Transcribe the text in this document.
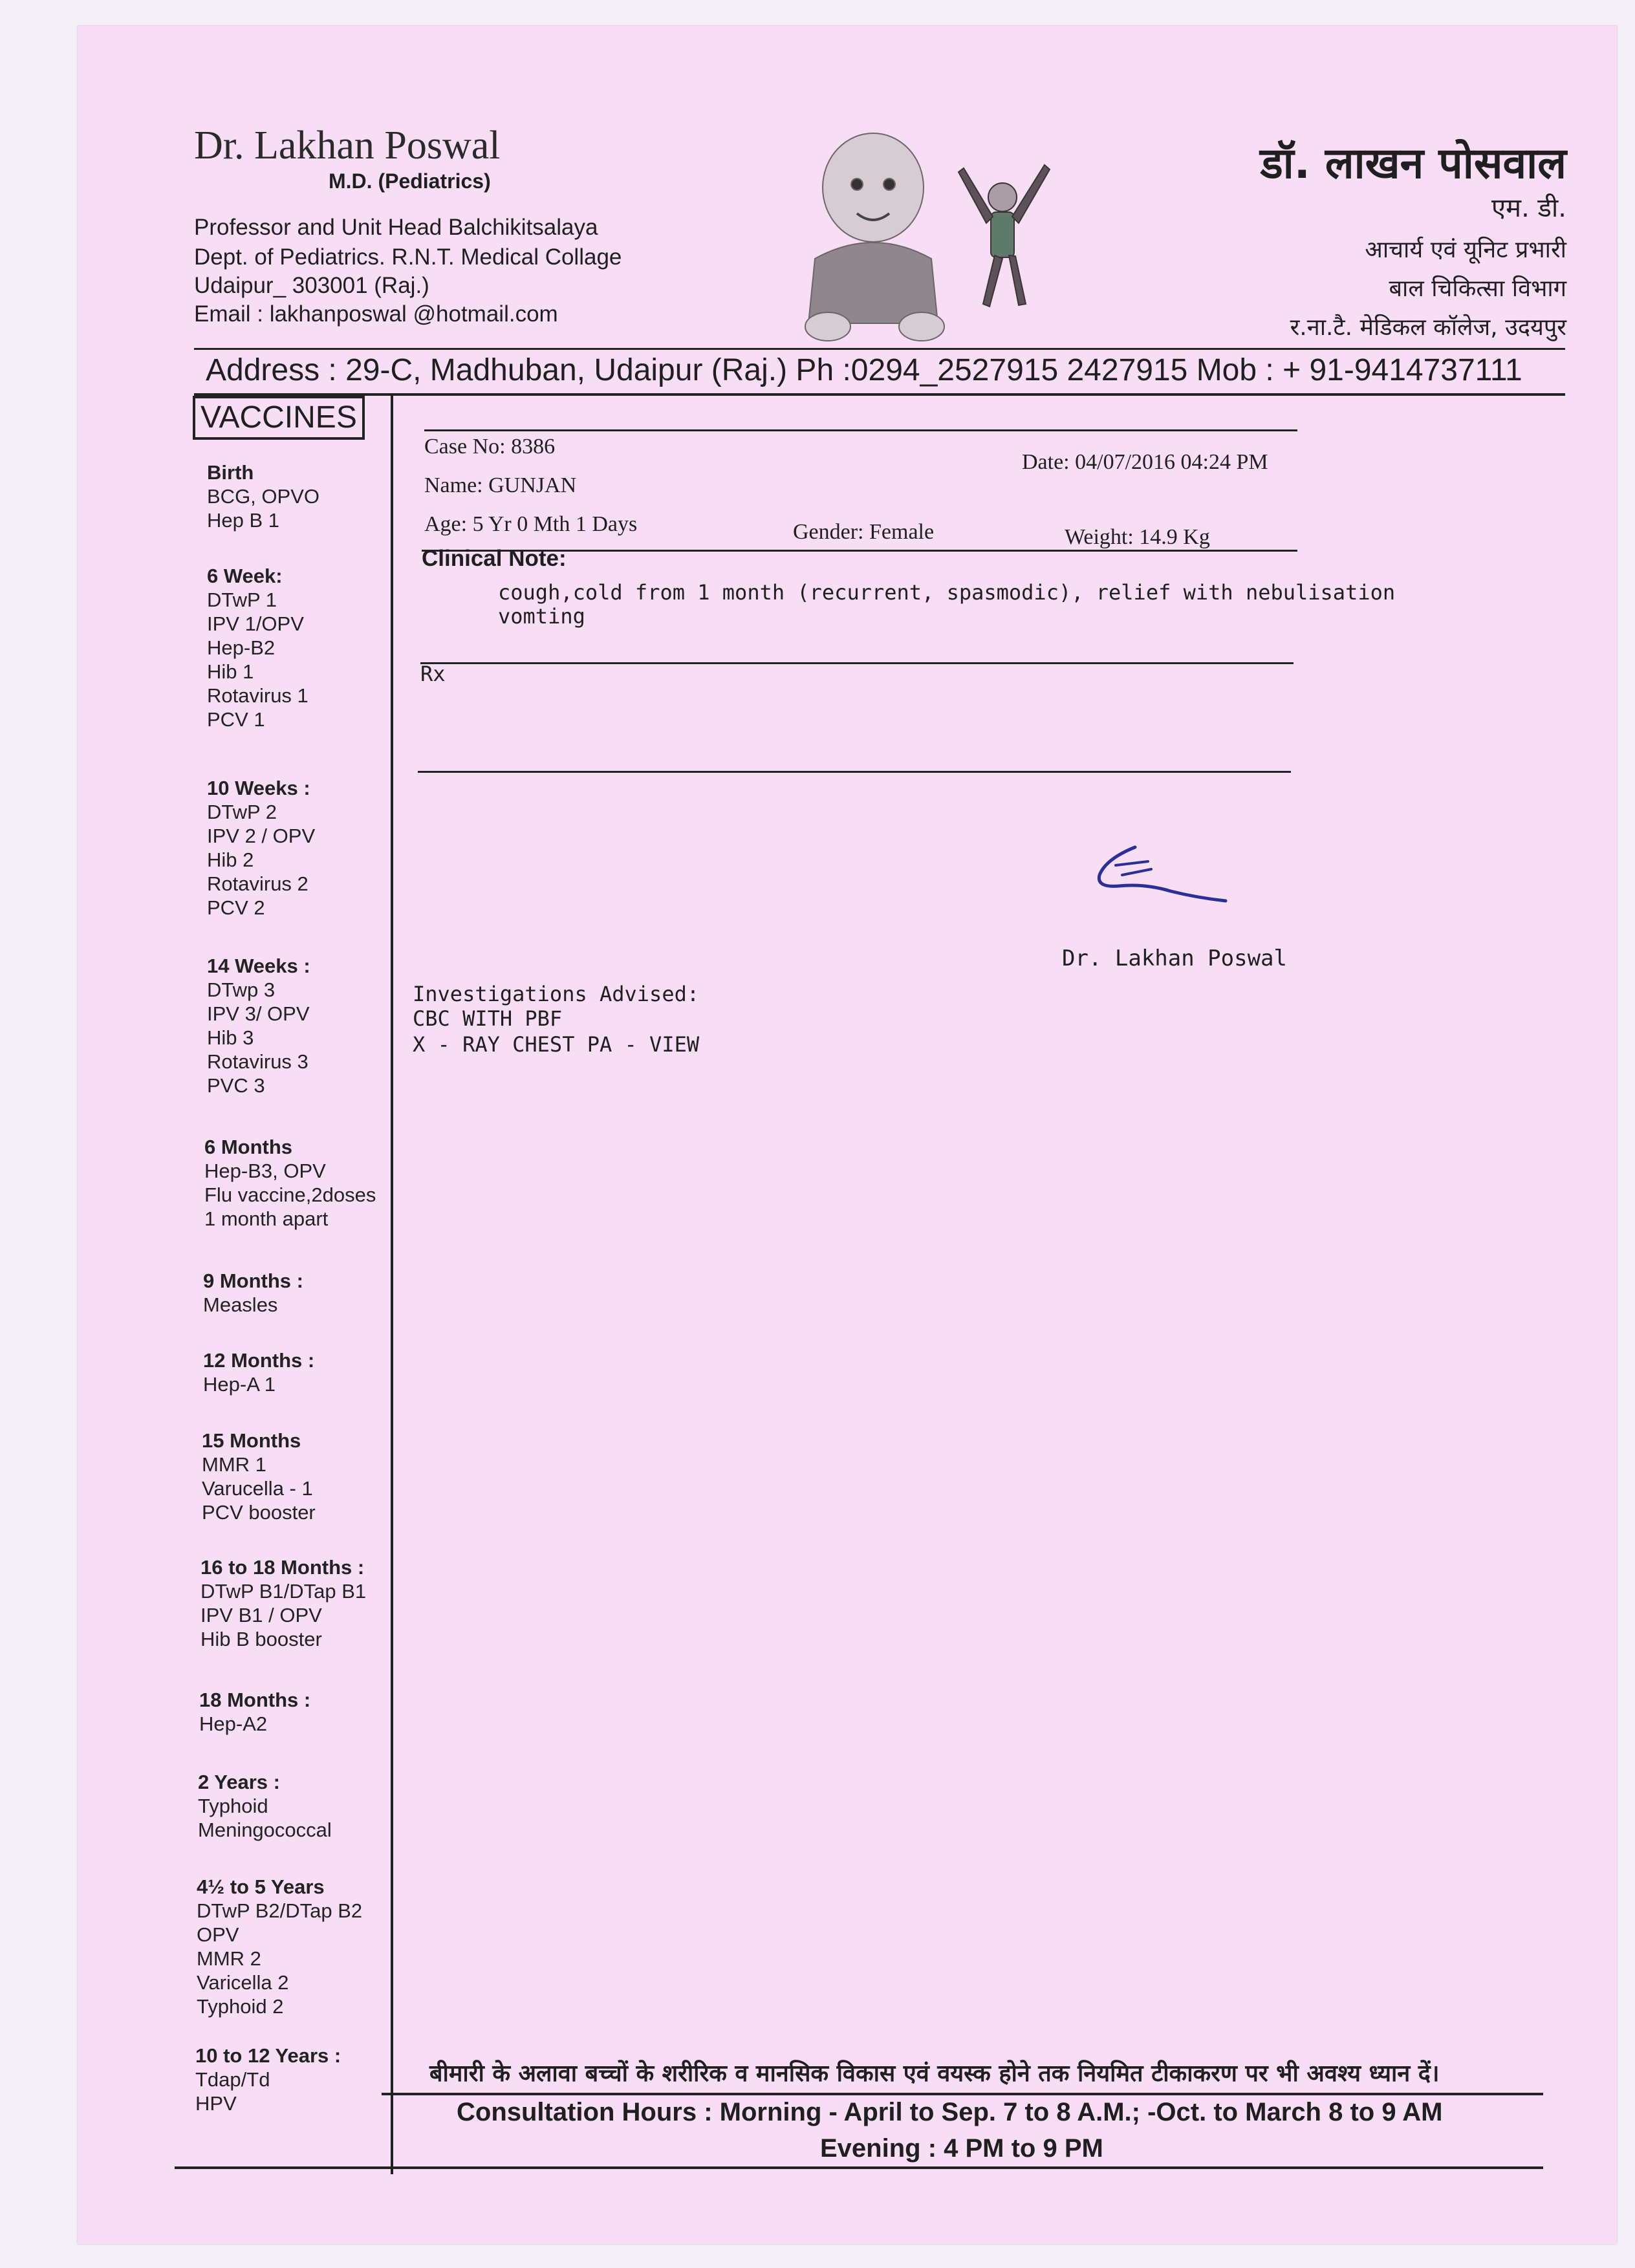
Dr. Lakhan Poswal
M.D. (Pediatrics)
Professor and Unit Head Balchikitsalaya
Dept. of Pediatrics. R.N.T. Medical Collage
Udaipur_ 303001 (Raj.)
Email : lakhanposwal @hotmail.com
डॉ. लाखन पोसवाल
एम. डी.
आचार्य एवं यूनिट प्रभारी
बाल चिकित्सा विभाग
र.ना.टै. मेडिकल कॉलेज, उदयपुर
Address : 29-C, Madhuban, Udaipur (Raj.) Ph :0294_2527915 2427915 Mob : + 91-9414737111
VACCINES
Birth
BCG, OPVO
Hep B 1
6 Week:
DTwP 1
IPV 1/OPV
Hep-B2
Hib 1
Rotavirus 1
PCV 1
10 Weeks :
DTwP 2
IPV 2 / OPV
Hib 2
Rotavirus 2
PCV 2
14 Weeks :
DTwp 3
IPV 3/ OPV
Hib 3
Rotavirus 3
PVC 3
6 Months
Hep-B3, OPV
Flu vaccine,2doses
1 month apart
9 Months :
Measles
12 Months :
Hep-A 1
15 Months
MMR 1
Varucella - 1
PCV booster
16 to 18 Months :
DTwP B1/DTap B1
IPV B1 / OPV
Hib B booster
18 Months :
Hep-A2
2 Years :
Typhoid
Meningococcal
4½ to 5 Years
DTwP B2/DTap B2
OPV
MMR 2
Varicella 2
Typhoid 2
10 to 12 Years :
Tdap/Td
HPV
Case No: 8386
Date: 04/07/2016 04:24 PM
Name: GUNJAN
Age: 5 Yr 0 Mth 1 Days	Gender: Female	Weight: 14.9 Kg
Clinical Note:
cough,cold from 1 month (recurrent, spasmodic), relief with nebulisation
vomting
Rx
Dr. Lakhan Poswal
Investigations Advised:
CBC WITH PBF
X - RAY CHEST PA - VIEW
बीमारी के अलावा बच्चों के शरीरिक व मानसिक विकास एवं वयस्क होने तक नियमित टीकाकरण पर भी अवश्य ध्यान दें।
Consultation Hours : Morning - April to Sep. 7 to 8 A.M.; -Oct. to March 8 to 9 AM
Evening : 4 PM to 9 PM
